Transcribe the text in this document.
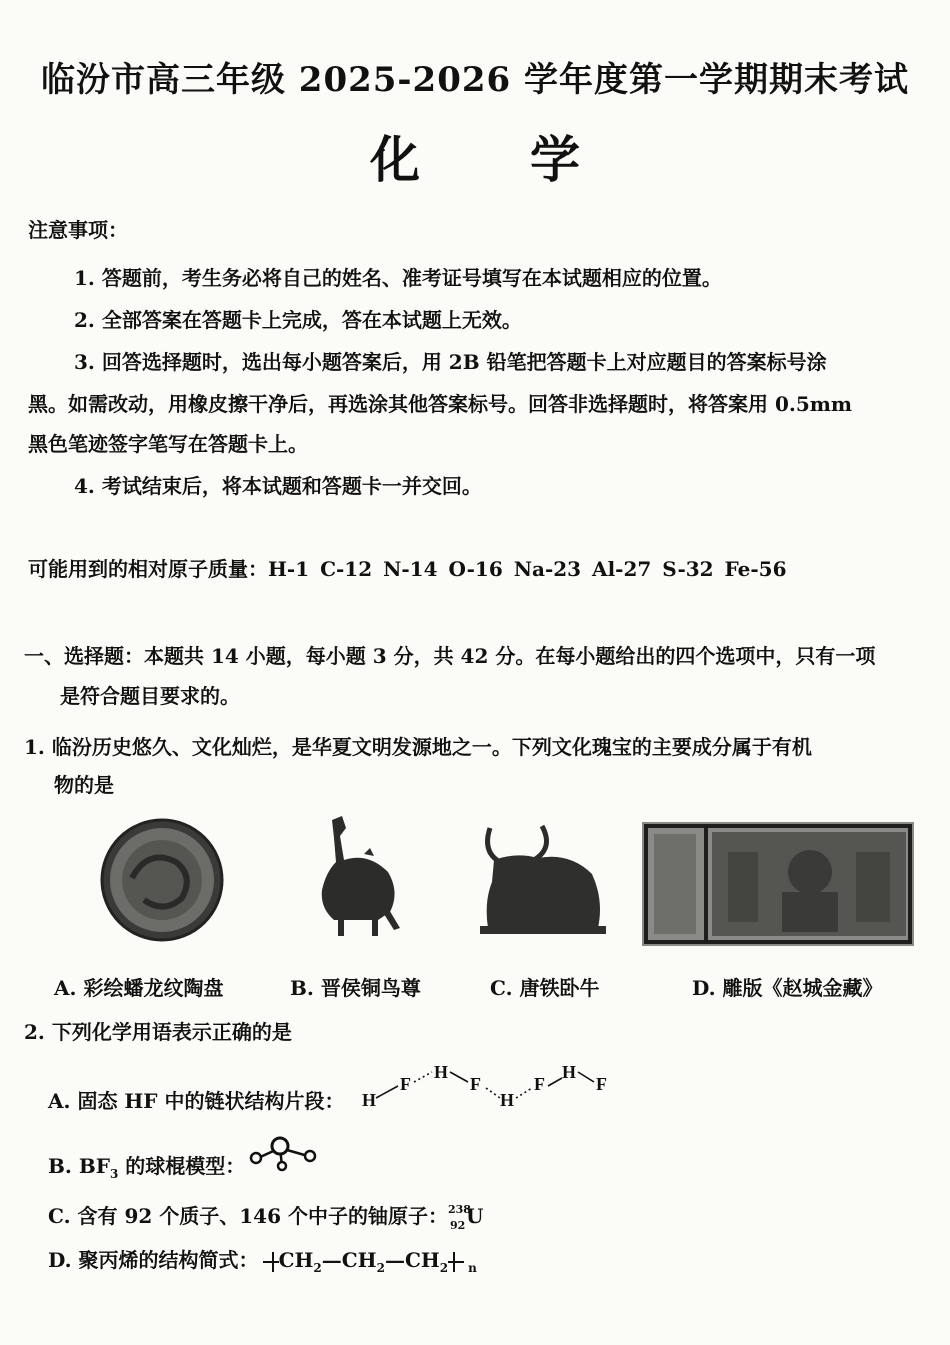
临汾市高三年级 2025-2026 学年度第一学期期末考试
化学
注意事项：
1. 答题前，考生务必将自己的姓名、准考证号填写在本试题相应的位置。
2. 全部答案在答题卡上完成，答在本试题上无效。
3. 回答选择题时，选出每小题答案后，用 2B 铅笔把答题卡上对应题目的答案标号涂
黑。如需改动，用橡皮擦干净后，再选涂其他答案标号。回答非选择题时，将答案用 0.5mm
黑色笔迹签字笔写在答题卡上。
4. 考试结束后，将本试题和答题卡一并交回。
可能用到的相对原子质量：H-1 C-12 N-14 O-16 Na-23 Al-27 S-32 Fe-56
一、选择题：本题共 14 小题，每小题 3 分，共 42 分。在每小题给出的四个选项中，只有一项
是符合题目要求的。
1. 临汾历史悠久、文化灿烂，是华夏文明发源地之一。下列文化瑰宝的主要成分属于有机
物的是
A. 彩绘蟠龙纹陶盘	B. 晋侯铜鸟尊	C. 唐铁卧牛	D. 雕版《赵城金藏》
2. 下列化学用语表示正确的是
A. 固态 HF 中的链状结构片段： H
F
H
F
H
F
H
F
B. $BF_3$ 的球棍模型：
C. 含有 92 个质子、146 个中子的铀原子： 238
92 U
D. 聚丙烯的结构简式： $CH_2—CH_2—CH_2$ $_n$
